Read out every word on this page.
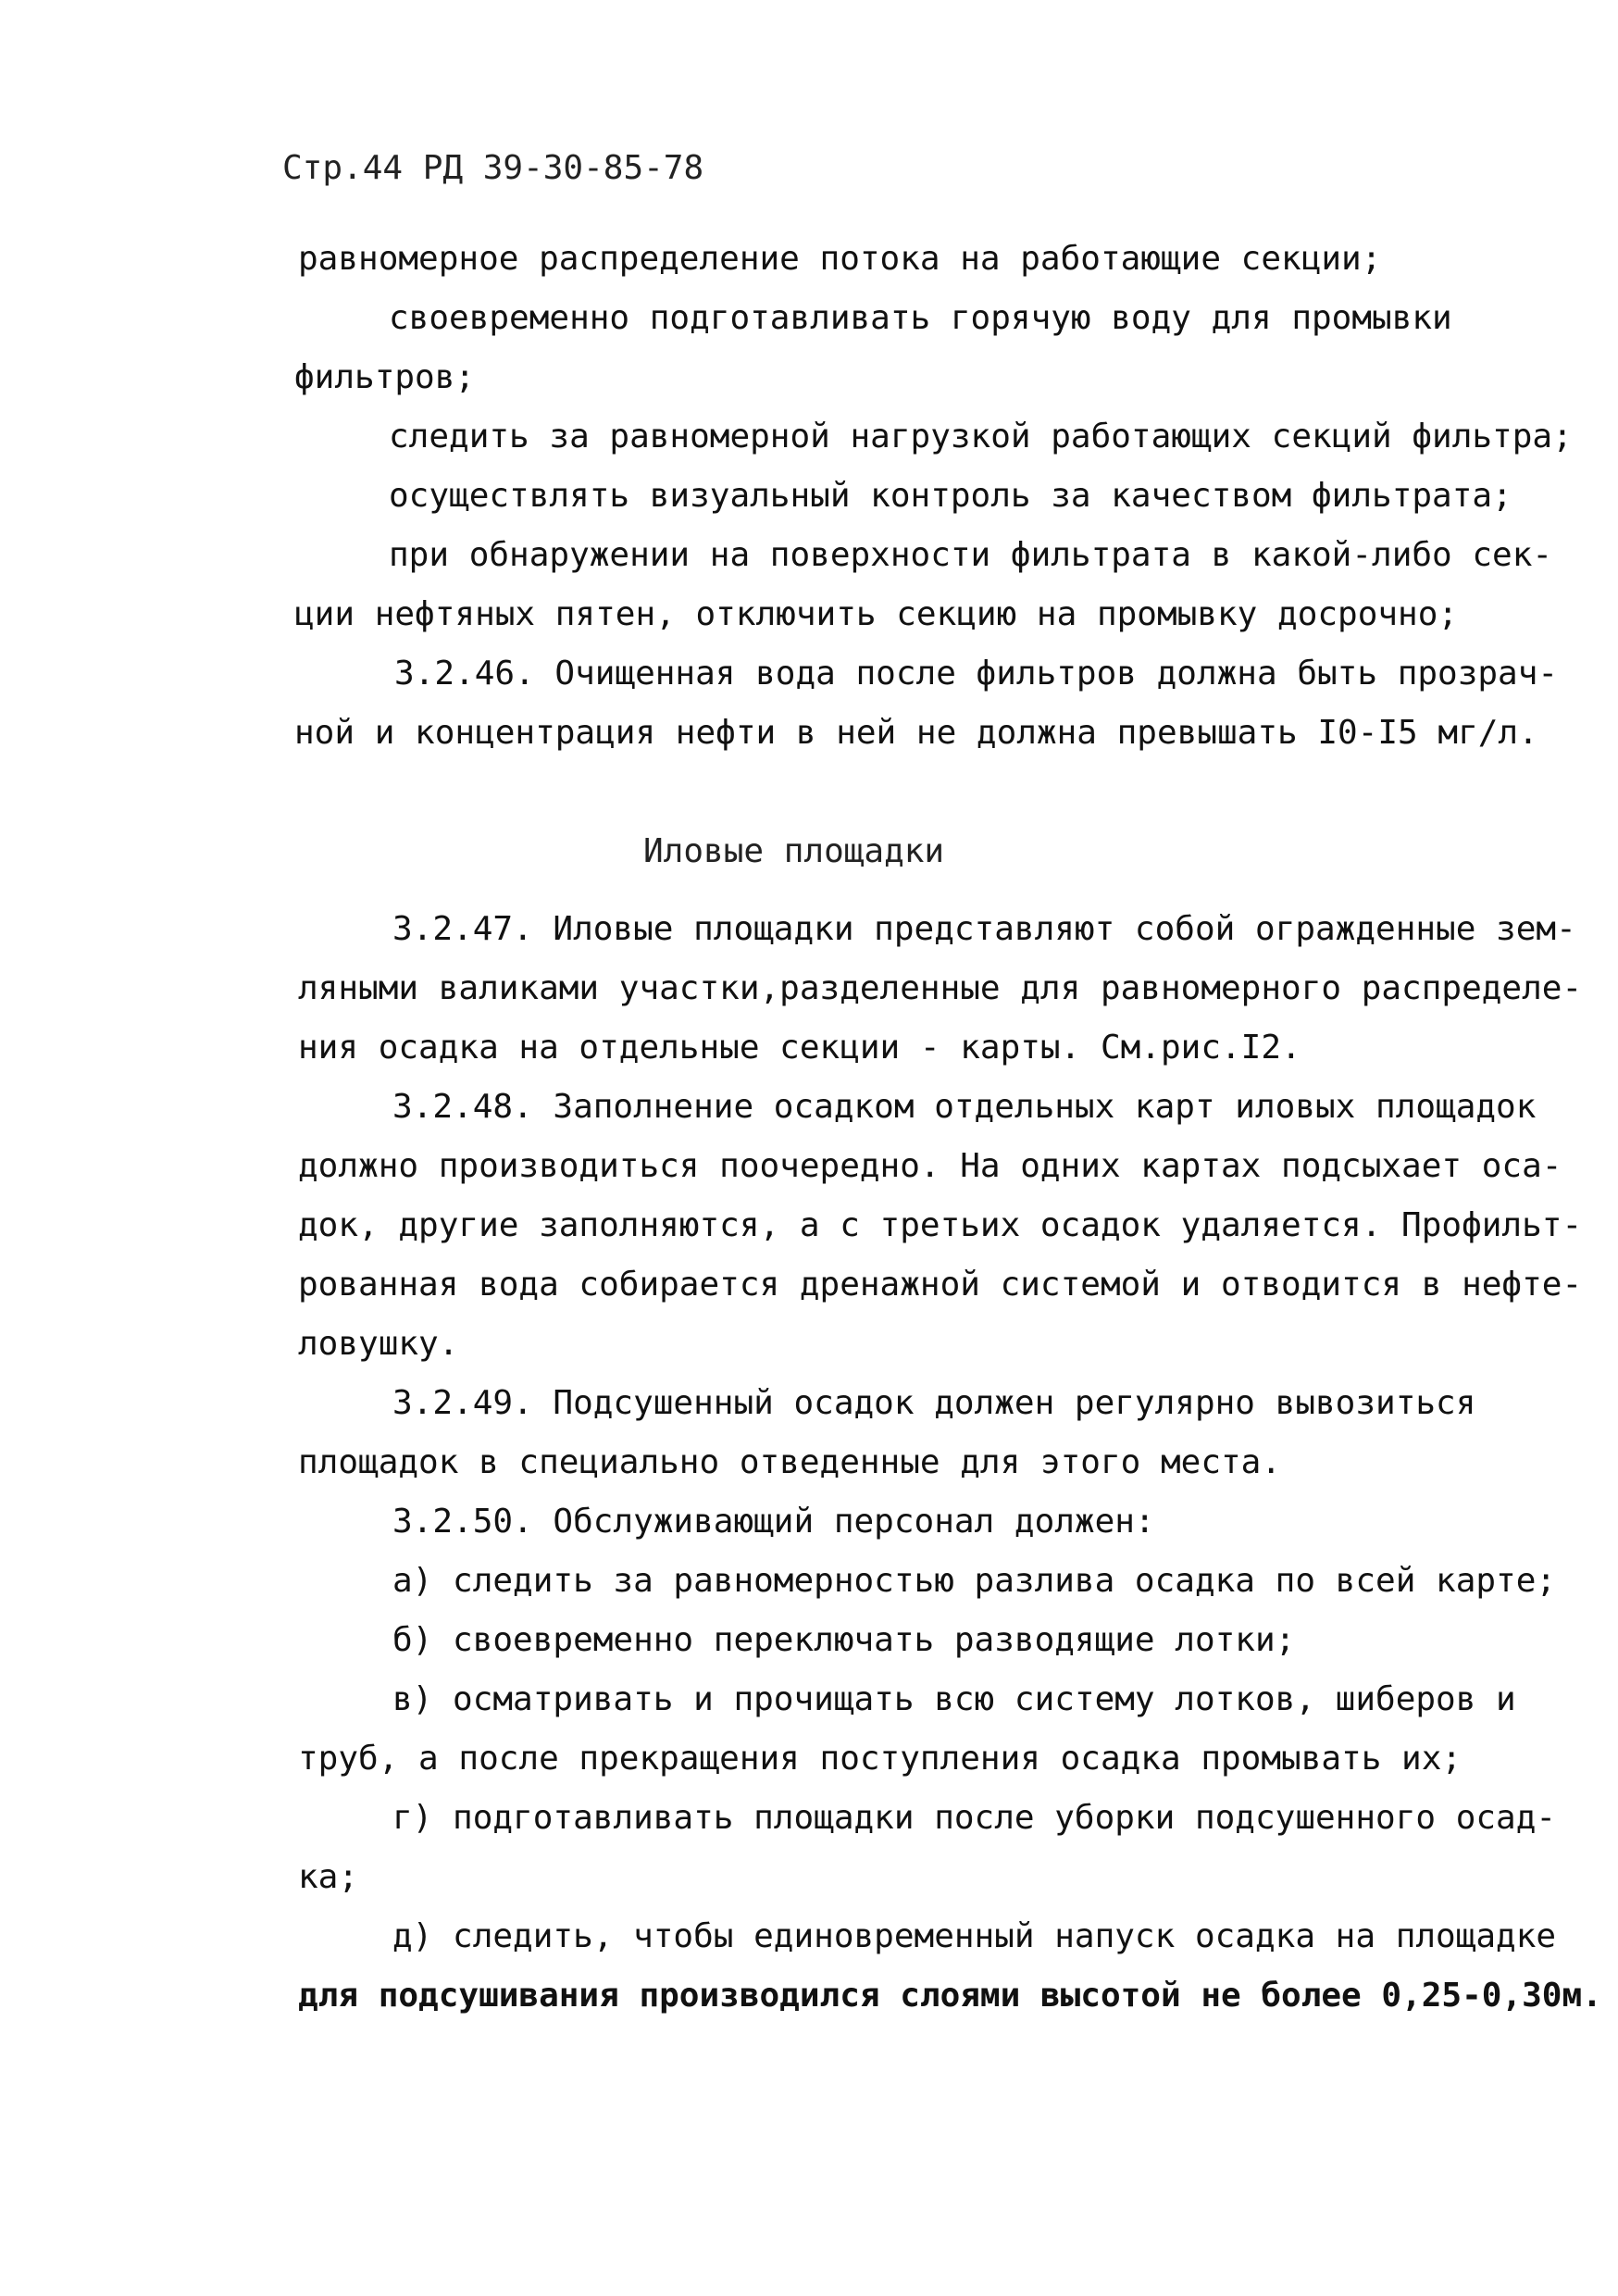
Стр.44 РД 39-30-85-78
равномерное распределение потока на работающие секции;
своевременно подготавливать горячую воду для промывки
фильтров;
следить за равномерной нагрузкой работающих секций фильтра;
осуществлять визуальный контроль за качеством фильтрата;
при обнаружении на поверхности фильтрата в какой-либо сек-
ции нефтяных пятен, отключить секцию на промывку досрочно;
3.2.46. Очищенная вода после фильтров должна быть прозрач-
ной и концентрация нефти в ней не должна превышать I0-I5 мг/л.
Иловые площадки
3.2.47. Иловые площадки представляют собой огражденные зем-
ляными валиками участки,разделенные для равномерного распределе-
ния осадка на отдельные секции - карты. См.рис.I2.
3.2.48. Заполнение осадком отдельных карт иловых площадок
должно производиться поочередно. На одних картах подсыхает оса-
док, другие заполняются, а с третьих осадок удаляется. Профильт-
рованная вода собирается дренажной системой и отводится в нефте-
ловушку.
3.2.49. Подсушенный осадок должен регулярно вывозиться
площадок в специально отведенные для этого места.
3.2.50. Обслуживающий персонал должен:
а) следить за равномерностью разлива осадка по всей карте;
б) своевременно переключать разводящие лотки;
в) осматривать и прочищать всю систему лотков, шиберов и
труб, а после прекращения поступления осадка промывать их;
г) подготавливать площадки после уборки подсушенного осад-
ка;
д) следить, чтобы единовременный напуск осадка на площадке
для подсушивания производился слоями высотой не более 0,25-0,30м.
